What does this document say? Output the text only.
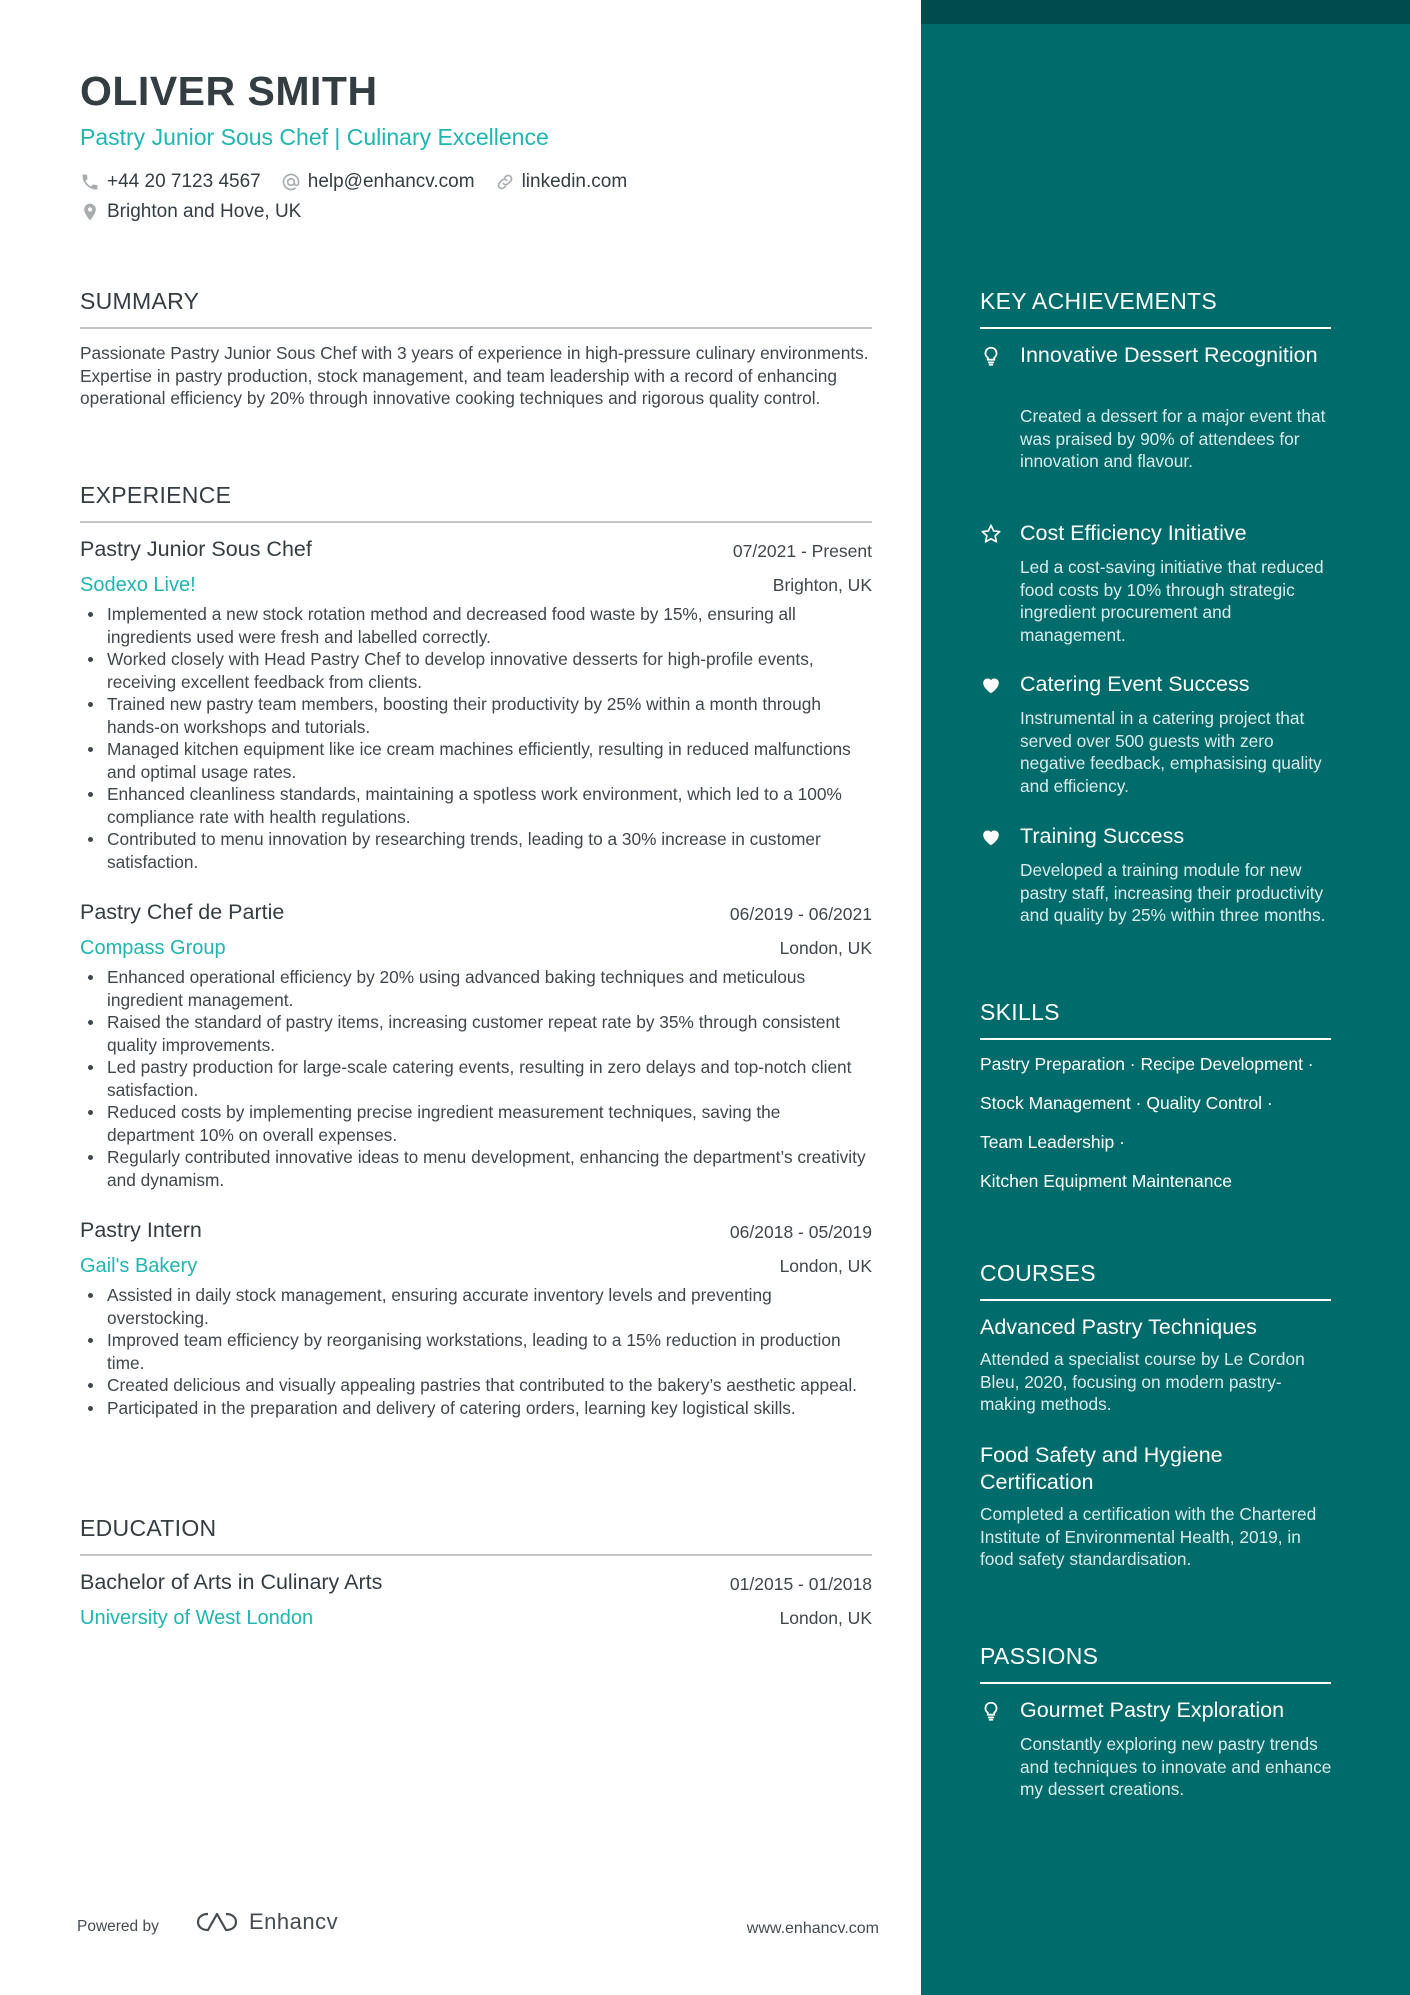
OLIVER SMITH
Pastry Junior Sous Chef | Culinary Excellence
+44 20 7123 4567 help@enhancv.com linkedin.com
Brighton and Hove, UK
SUMMARY
Passionate Pastry Junior Sous Chef with 3 years of experience in high-pressure culinary environments. Expertise in pastry production, stock management, and team leadership with a record of enhancing operational efficiency by 20% through innovative cooking techniques and rigorous quality control.
EXPERIENCE
Pastry Junior Sous Chef	07/2021 - Present
Sodexo Live!	Brighton, UK
Implemented a new stock rotation method and decreased food waste by 15%, ensuring all ingredients used were fresh and labelled correctly.
Worked closely with Head Pastry Chef to develop innovative desserts for high-profile events, receiving excellent feedback from clients.
Trained new pastry team members, boosting their productivity by 25% within a month through hands-on workshops and tutorials.
Managed kitchen equipment like ice cream machines efficiently, resulting in reduced malfunctions and optimal usage rates.
Enhanced cleanliness standards, maintaining a spotless work environment, which led to a 100% compliance rate with health regulations.
Contributed to menu innovation by researching trends, leading to a 30% increase in customer satisfaction.
Pastry Chef de Partie	06/2019 - 06/2021
Compass Group	London, UK
Enhanced operational efficiency by 20% using advanced baking techniques and meticulous ingredient management.
Raised the standard of pastry items, increasing customer repeat rate by 35% through consistent quality improvements.
Led pastry production for large-scale catering events, resulting in zero delays and top-notch client satisfaction.
Reduced costs by implementing precise ingredient measurement techniques, saving the department 10% on overall expenses.
Regularly contributed innovative ideas to menu development, enhancing the department’s creativity and dynamism.
Pastry Intern	06/2018 - 05/2019
Gail's Bakery	London, UK
Assisted in daily stock management, ensuring accurate inventory levels and preventing overstocking.
Improved team efficiency by reorganising workstations, leading to a 15% reduction in production time.
Created delicious and visually appealing pastries that contributed to the bakery’s aesthetic appeal.
Participated in the preparation and delivery of catering orders, learning key logistical skills.
EDUCATION
Bachelor of Arts in Culinary Arts	01/2015 - 01/2018
University of West London	London, UK
Powered by	Enhancv	www.enhancv.com
KEY ACHIEVEMENTS
Innovative Dessert Recognition
Created a dessert for a major event that was praised by 90% of attendees for innovation and flavour.
Cost Efficiency Initiative
Led a cost-saving initiative that reduced food costs by 10% through strategic ingredient procurement and management.
Catering Event Success
Instrumental in a catering project that served over 500 guests with zero negative feedback, emphasising quality and efficiency.
Training Success
Developed a training module for new pastry staff, increasing their productivity and quality by 25% within three months.
SKILLS
Pastry Preparation · Recipe Development ·
Stock Management · Quality Control ·
Team Leadership ·
Kitchen Equipment Maintenance
COURSES
Advanced Pastry Techniques
Attended a specialist course by Le Cordon Bleu, 2020, focusing on modern pastry-making methods.
Food Safety and Hygiene Certification
Completed a certification with the Chartered Institute of Environmental Health, 2019, in food safety standardisation.
PASSIONS
Gourmet Pastry Exploration
Constantly exploring new pastry trends and techniques to innovate and enhance my dessert creations.
